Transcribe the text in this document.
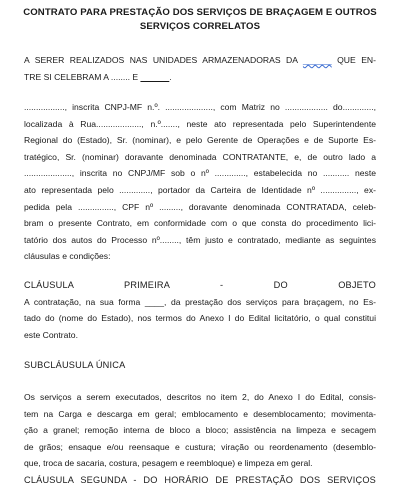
CONTRATO PARA PRESTAÇÃO DOS SERVIÇOS DE BRAÇAGEM E OUTROS
SERVIÇOS CORRELATOS
A SERER REALIZADOS NAS UNIDADES ARMAZENADORAS DA ______ QUE EN-
TRE SI CELEBRAM A ........ E ______.
................., inscrita CNPJ-MF n.º. ...................., com Matriz no .................. do.............,
localizada à Rua..................., n.º......., neste ato representada pelo Superintendente
Regional do (Estado), Sr. (nominar), e pelo Gerente de Operações e de Suporte Es-
tratégico, Sr. (nominar) doravante denominada CONTRATANTE, e, de outro lado a
...................., inscrita no CNPJ/MF sob o nº ............., estabelecida no ........... neste
ato representada pelo ............., portador da Carteira de Identidade nº ..............., ex-
pedida pela ..............., CPF nº ........., doravante denominada CONTRATADA, celeb-
bram o presente Contrato, em conformidade com o que consta do procedimento lici-
tatório dos autos do Processo nº........, têm justo e contratado, mediante as seguintes
cláusulas e condições:
CLÁUSULA	PRIMEIRA	-	DO	OBJETO
A contratação, na sua forma ____, da prestação dos serviços para braçagem, no Es-
tado do (nome do Estado), nos termos do Anexo I do Edital licitatório, o qual constitui
este Contrato.
SUBCLÁUSULA ÚNICA
Os serviços a serem executados, descritos no item 2, do Anexo I do Edital, consis-
tem na Carga e descarga em geral; emblocamento e desemblocamento; movimenta-
ção a granel; remoção interna de bloco a bloco; assistência na limpeza e secagem
de grãos; ensaque e/ou reensaque e custura; viração ou reordenamento (desemblo-
que, troca de sacaria, costura, pesagem e reembloque) e limpeza em geral.
CLÁUSULA SEGUNDA - DO HORÁRIO DE PRESTAÇÃO DOS SERVIÇOS
